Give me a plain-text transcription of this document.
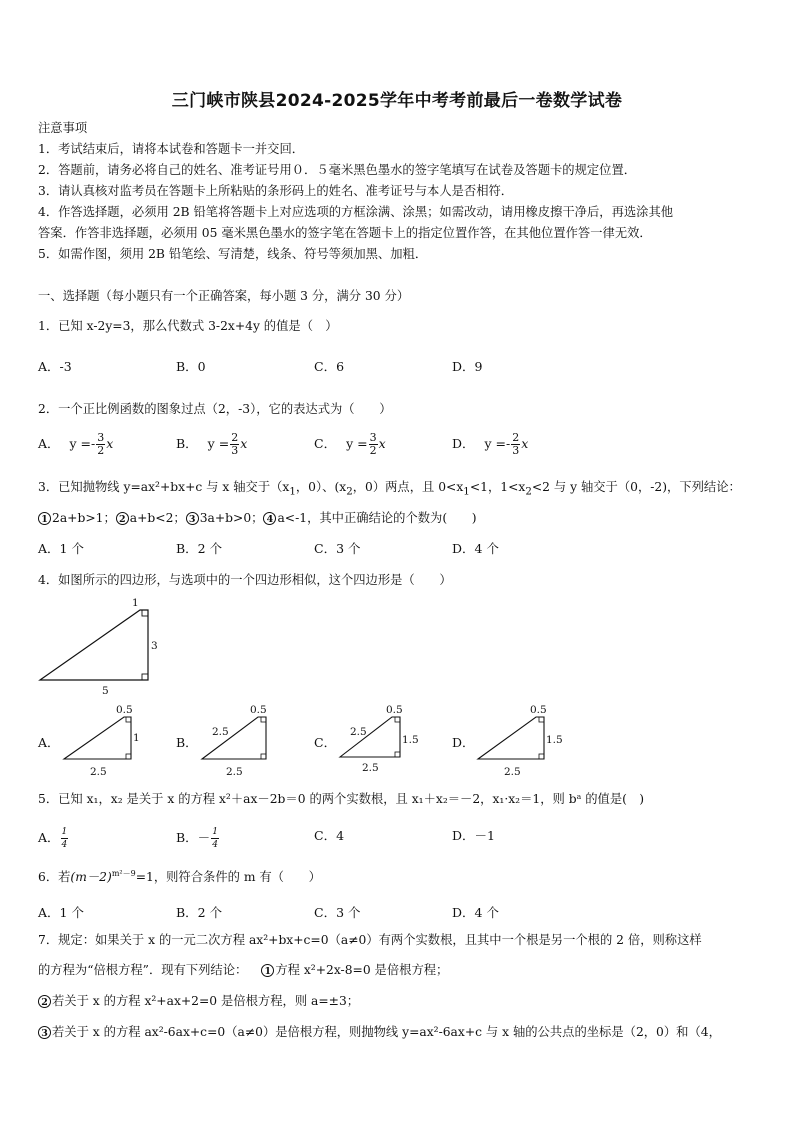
三门峡市陕县2024-2025学年中考考前最后一卷数学试卷
注意事项
1．考试结束后，请将本试卷和答题卡一并交回．
2．答题前，请务必将自己的姓名、准考证号用０．５毫米黑色墨水的签字笔填写在试卷及答题卡的规定位置．
3．请认真核对监考员在答题卡上所粘贴的条形码上的姓名、准考证号与本人是否相符．
4．作答选择题，必须用 2B 铅笔将答题卡上对应选项的方框涂满、涂黑；如需改动，请用橡皮擦干净后，再选涂其他
答案．作答非选择题，必须用 05 毫米黑色墨水的签字笔在答题卡上的指定位置作答，在其他位置作答一律无效．
5．如需作图，须用 2B 铅笔绘、写清楚，线条、符号等须加黑、加粗．
一、选择题（每小题只有一个正确答案，每小题 3 分，满分 30 分）
1．已知 x-2y=3，那么代数式 3-2x+4y 的值是（　）
A．-3	B．0	C．6	D．9
2．一个正比例函数的图象过点（2，-3），它的表达式为（　　）
A． $y =- \frac{3}{2}$ x	B． $y = \frac{2}{3}$ x	C． $y = \frac{3}{2}$ x	D． $y =- \frac{2}{3}$ x
3．已知抛物线 y=ax²+bx+c 与 x 轴交于（$x_1$，0）、($x_2$，0）两点，且 $0<x_1<1$，$1<x_2<2$ 与 y 轴交于（0，-2)，下列结论：
1 2a+b>1； 2 a+b<2； 3 3a+b>0； 4 a<-1，其中正确结论的个数为(　　)
A．1 个	B．2 个	C．3 个	D．4 个
4．如图所示的四边形，与选项中的一个四边形相似，这个四边形是（　　）
1
3
5
A．
0.5
1
2.5
B．
0.5
2.5
2.5
C．
0.5
2.5
1.5
2.5
D．
0.5
1.5
2.5
5．已知 x₁，x₂ 是关于 x 的方程 x²＋ax－2b＝0 的两个实数根，且 x₁＋x₂＝－2，x₁·x₂＝1，则 bᵃ 的值是(　)
A． $\frac{1}{4}$	B．－ $\frac{1}{4}$	C．4	D．－1
6．若$(m-2)^{m^2-9}=1$，则符合条件的 m 有（　　）
A．1 个	B．2 个	C．3 个	D．4 个
7．规定：如果关于 x 的一元二次方程 ax²+bx+c=0（a≠0）有两个实数根，且其中一个根是另一个根的 2 倍，则称这样
的方程为“倍根方程”．现有下列结论： 1 方程 x²+2x-8=0 是倍根方程；
2 若关于 x 的方程 x²+ax+2=0 是倍根方程，则 a=±3；
3 若关于 x 的方程 ax²-6ax+c=0（a≠0）是倍根方程，则抛物线 y=ax²-6ax+c 与 x 轴的公共点的坐标是（2，0）和（4，
